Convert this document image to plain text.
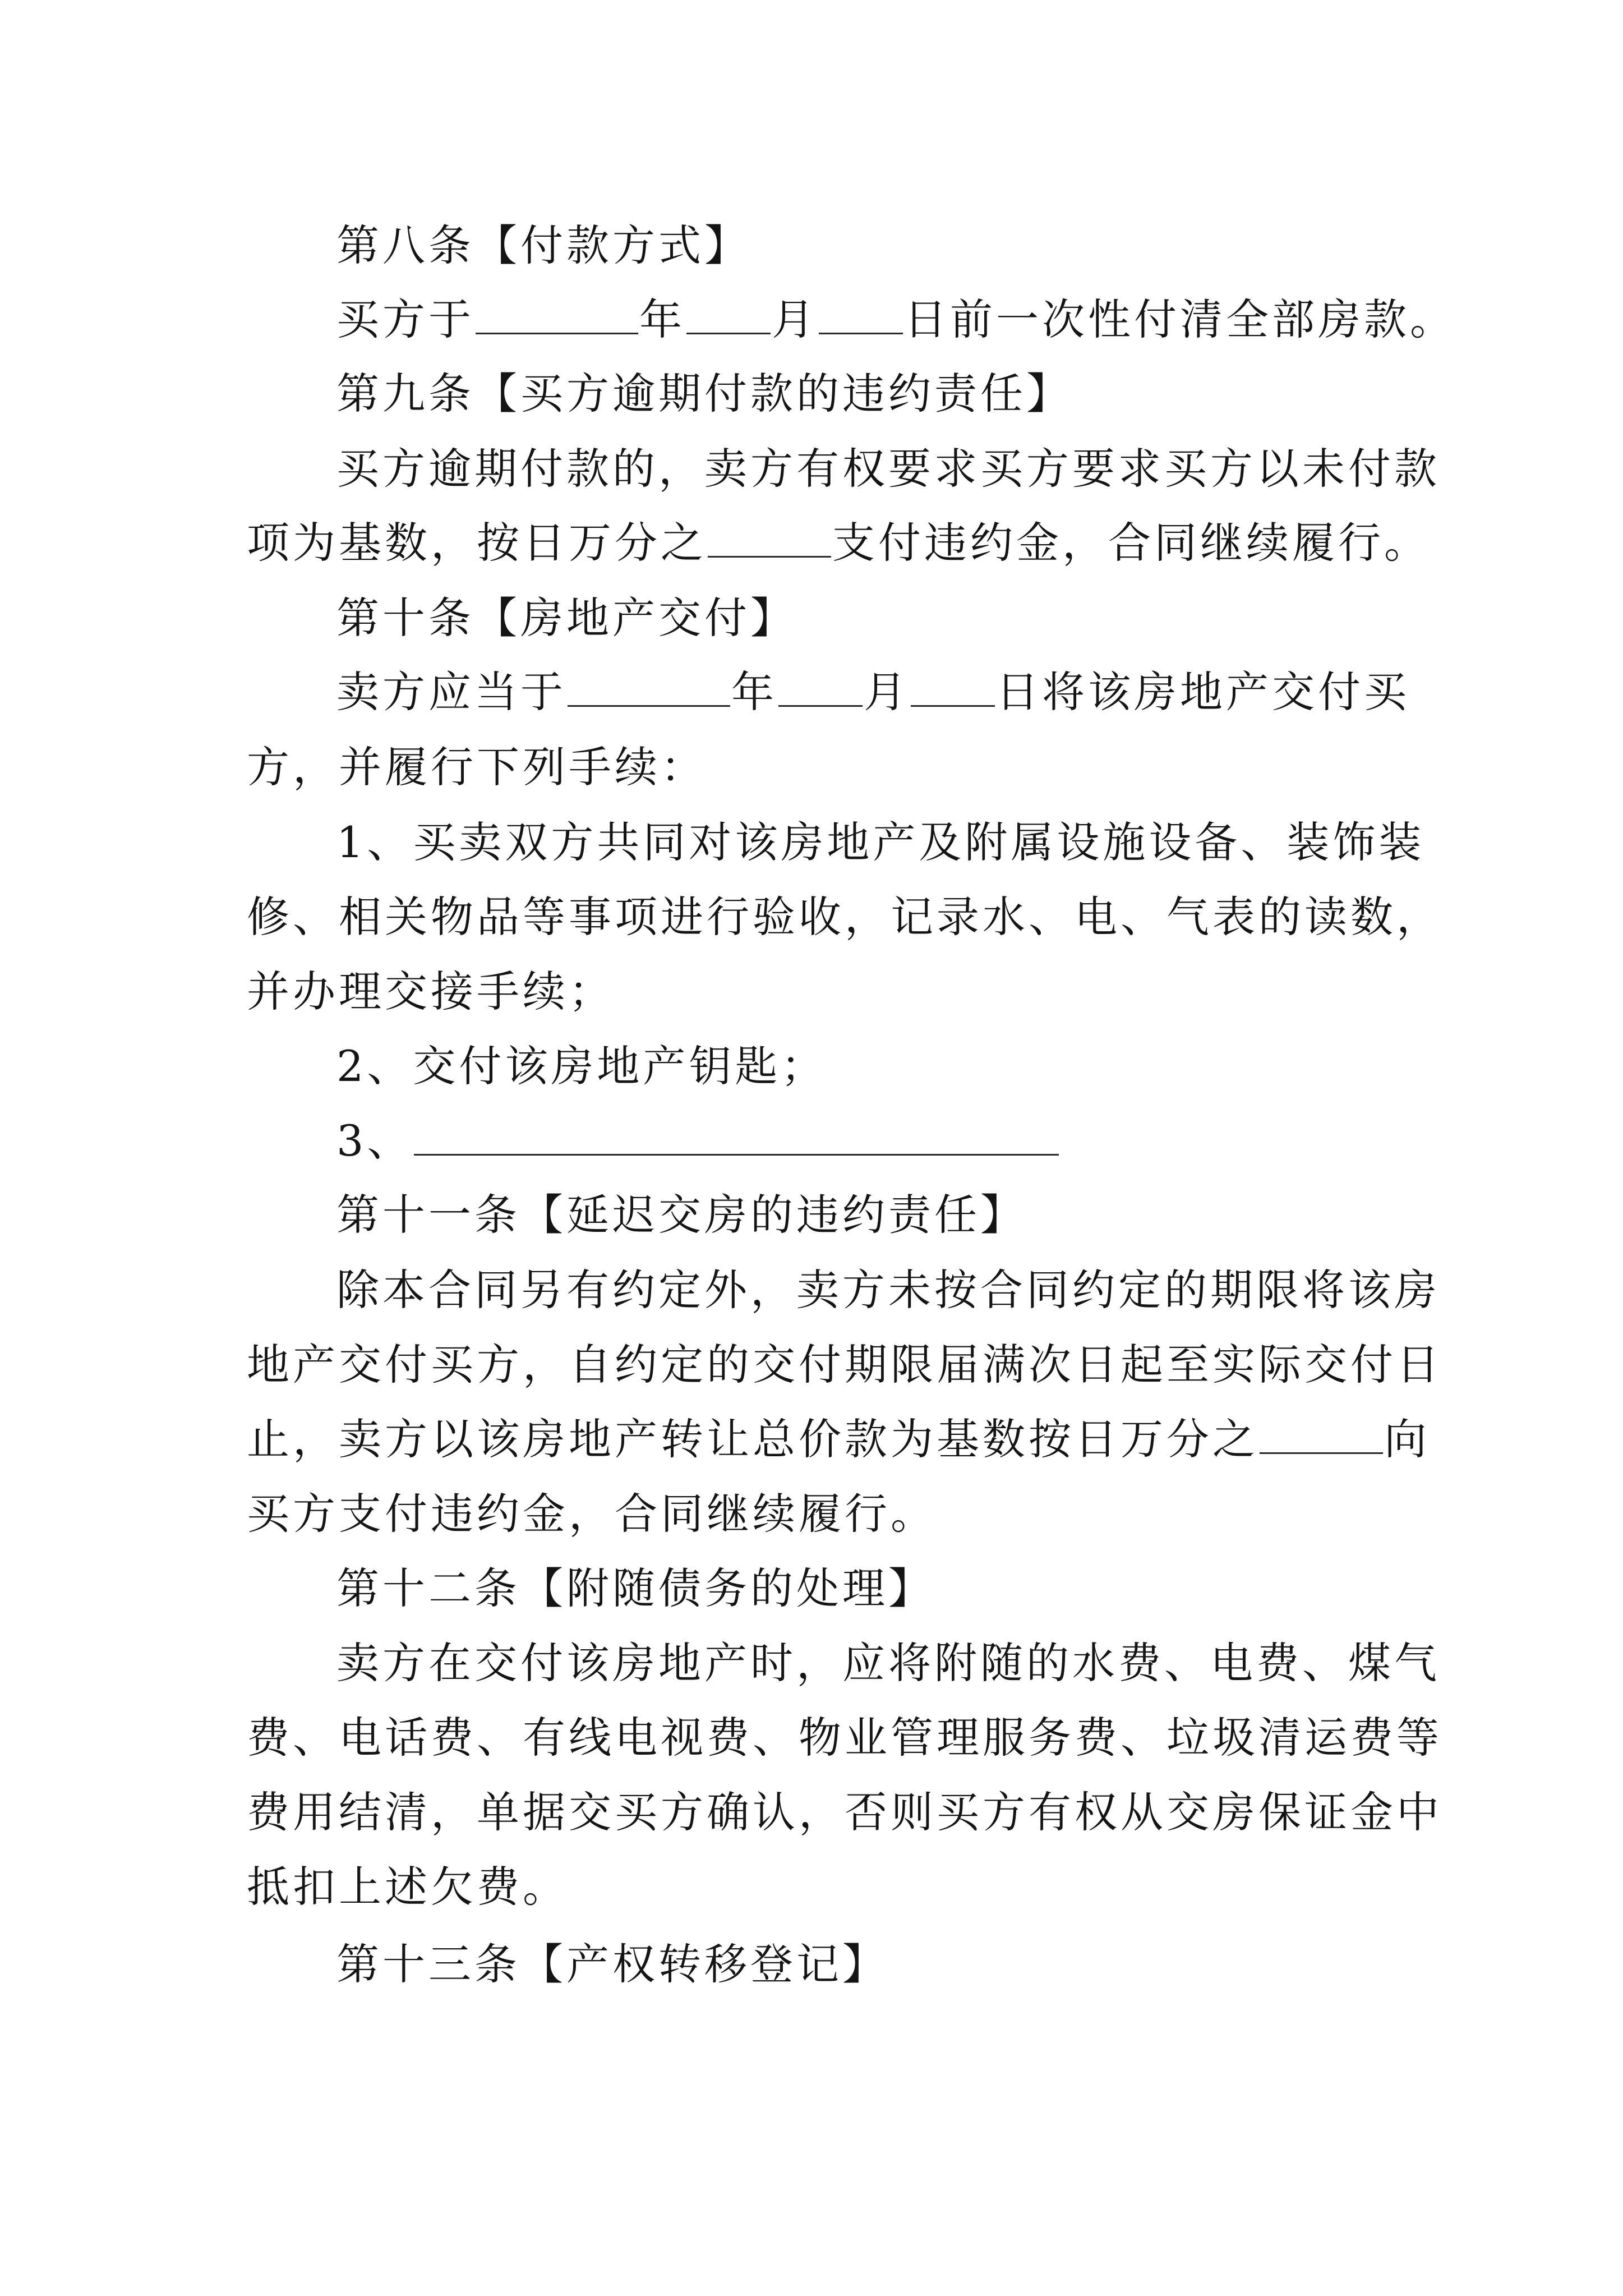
第八条【付款方式】
买方于	年 月 日前一次性付清全部房款。
第九条【买方逾期付款的违约责任】
买方逾期付款的，卖方有权要求买方要求买方以未付款
项为基数，按日万分之	支付违约金，合同继续履行。
第十条【房地产交付】
卖方应当于	年 月 日将该房地产交付买
方，并履行下列手续：
1、买卖双方共同对该房地产及附属设施设备、装饰装
修、相关物品等事项进行验收，记录水、电、气表的读数，
并办理交接手续；
2、交付该房地产钥匙；
3、
第十一条【延迟交房的违约责任】
除本合同另有约定外，卖方未按合同约定的期限将该房
地产交付买方，自约定的交付期限届满次日起至实际交付日
止，卖方以该房地产转让总价款为基数按日万分之	向
买方支付违约金，合同继续履行。
第十二条【附随债务的处理】
卖方在交付该房地产时，应将附随的水费、电费、煤气
费、电话费、有线电视费、物业管理服务费、垃圾清运费等
费用结清，单据交买方确认，否则买方有权从交房保证金中
抵扣上述欠费。
第十三条【产权转移登记】
